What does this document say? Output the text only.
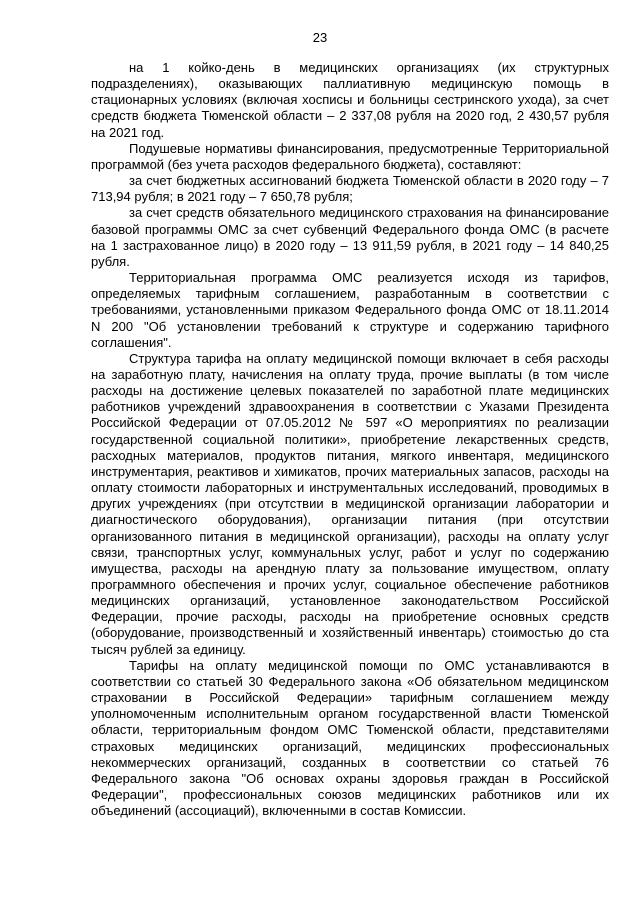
23

на 1 койко-день в медицинских организациях (их структурных подразделениях), оказывающих паллиативную медицинскую помощь в стационарных условиях (включая хосписы и больницы сестринского ухода), за счет средств бюджета Тюменской области – 2 337,08 рубля на 2020 год, 2 430,57 рубля на 2021 год.

Подушевые нормативы финансирования, предусмотренные Территориальной программой (без учета расходов федерального бюджета), составляют:

за счет бюджетных ассигнований бюджета Тюменской области в 2020 году – 7 713,94 рубля; в 2021 году – 7 650,78 рубля;

за счет средств обязательного медицинского страхования на финансирование базовой программы ОМС за счет субвенций Федерального фонда ОМС (в расчете на 1 застрахованное лицо) в 2020 году – 13 911,59 рубля, в 2021 году – 14 840,25 рубля.

Территориальная программа ОМС реализуется исходя из тарифов, определяемых тарифным соглашением, разработанным в соответствии с требованиями, установленными приказом Федерального фонда ОМС от 18.11.2014 N 200 "Об установлении требований к структуре и содержанию тарифного соглашения".

Структура тарифа на оплату медицинской помощи включает в себя расходы на заработную плату, начисления на оплату труда, прочие выплаты (в том числе расходы на достижение целевых показателей по заработной плате медицинских работников учреждений здравоохранения в соответствии с Указами Президента Российской Федерации от 07.05.2012 № 597 «О мероприятиях по реализации государственной социальной политики», приобретение лекарственных средств, расходных материалов, продуктов питания, мягкого инвентаря, медицинского инструментария, реактивов и химикатов, прочих материальных запасов, расходы на оплату стоимости лабораторных и инструментальных исследований, проводимых в других учреждениях (при отсутствии в медицинской организации лаборатории и диагностического оборудования), организации питания (при отсутствии организованного питания в медицинской организации), расходы на оплату услуг связи, транспортных услуг, коммунальных услуг, работ и услуг по содержанию имущества, расходы на арендную плату за пользование имуществом, оплату программного обеспечения и прочих услуг, социальное обеспечение работников медицинских организаций, установленное законодательством Российской Федерации, прочие расходы, расходы на приобретение основных средств (оборудование, производственный и хозяйственный инвентарь) стоимостью до ста тысяч рублей за единицу.

Тарифы на оплату медицинской помощи по ОМС устанавливаются в соответствии со статьей 30 Федерального закона «Об обязательном медицинском страховании в Российской Федерации» тарифным соглашением между уполномоченным исполнительным органом государственной власти Тюменской области, территориальным фондом ОМС Тюменской области, представителями страховых медицинских организаций, медицинских профессиональных некоммерческих организаций, созданных в соответствии со статьей 76 Федерального закона "Об основах охраны здоровья граждан в Российской Федерации", профессиональных союзов медицинских работников или их объединений (ассоциаций), включенными в состав Комиссии.
